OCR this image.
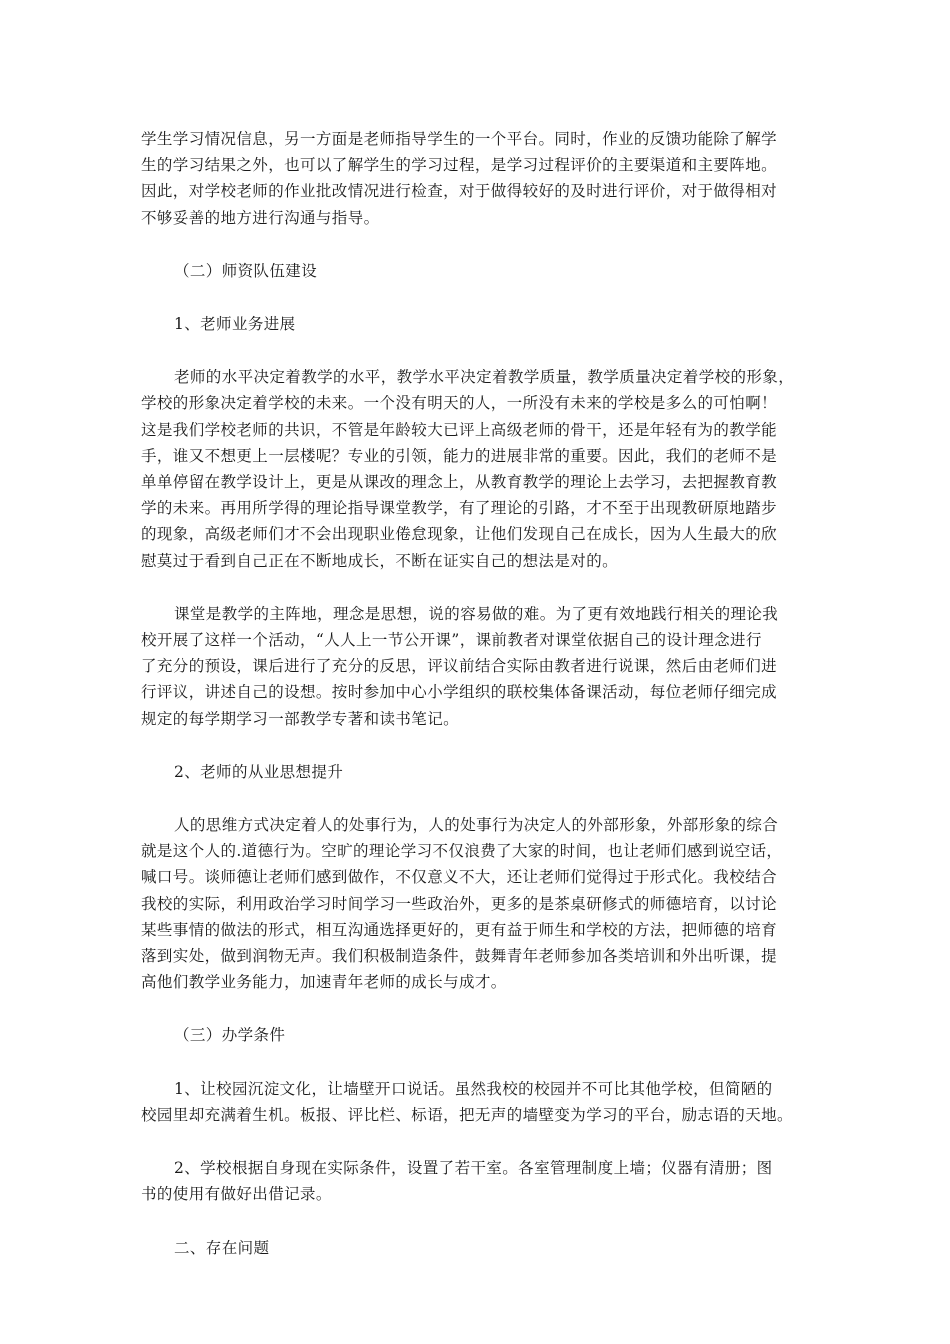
学生学习情况信息，另一方面是老师指导学生的一个平台。同时，作业的反馈功能除了解学
生的学习结果之外，也可以了解学生的学习过程，是学习过程评价的主要渠道和主要阵地。
因此，对学校老师的作业批改情况进行检查，对于做得较好的及时进行评价，对于做得相对
不够妥善的地方进行沟通与指导。

（二）师资队伍建设

1、老师业务进展

老师的水平决定着教学的水平，教学水平决定着教学质量，教学质量决定着学校的形象，
学校的形象决定着学校的未来。一个没有明天的人，一所没有未来的学校是多么的可怕啊！
这是我们学校老师的共识，不管是年龄较大已评上高级老师的骨干，还是年轻有为的教学能
手，谁又不想更上一层楼呢？专业的引领，能力的进展非常的重要。因此，我们的老师不是
单单停留在教学设计上，更是从课改的理念上，从教育教学的理论上去学习，去把握教育教
学的未来。再用所学得的理论指导课堂教学，有了理论的引路，才不至于出现教研原地踏步
的现象，高级老师们才不会出现职业倦怠现象，让他们发现自己在成长，因为人生最大的欣
慰莫过于看到自己正在不断地成长，不断在证实自己的想法是对的。

课堂是教学的主阵地，理念是思想，说的容易做的难。为了更有效地践行相关的理论我
校开展了这样一个活动，“人人上一节公开课”，课前教者对课堂依据自己的设计理念进行
了充分的预设，课后进行了充分的反思，评议前结合实际由教者进行说课，然后由老师们进
行评议，讲述自己的设想。按时参加中心小学组织的联校集体备课活动，每位老师仔细完成
规定的每学期学习一部教学专著和读书笔记。

2、老师的从业思想提升

人的思维方式决定着人的处事行为，人的处事行为决定人的外部形象，外部形象的综合
就是这个人的.道德行为。空旷的理论学习不仅浪费了大家的时间，也让老师们感到说空话，
喊口号。谈师德让老师们感到做作，不仅意义不大，还让老师们觉得过于形式化。我校结合
我校的实际，利用政治学习时间学习一些政治外，更多的是茶桌研修式的师德培育，以讨论
某些事情的做法的形式，相互沟通选择更好的，更有益于师生和学校的方法，把师德的培育
落到实处，做到润物无声。我们积极制造条件，鼓舞青年老师参加各类培训和外出听课，提
高他们教学业务能力，加速青年老师的成长与成才。

（三）办学条件

1、让校园沉淀文化，让墙壁开口说话。虽然我校的校园并不可比其他学校，但简陋的
校园里却充满着生机。板报、评比栏、标语，把无声的墙壁变为学习的平台，励志语的天地。

2、学校根据自身现在实际条件，设置了若干室。各室管理制度上墙；仪器有清册；图
书的使用有做好出借记录。

二、存在问题
